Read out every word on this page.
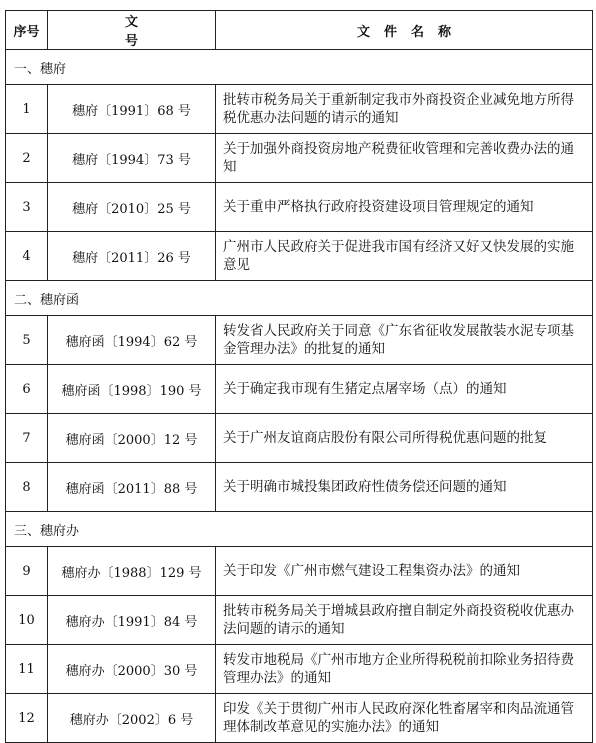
序号	文号	文件名称
一、穗府		
1	穗府〔1991〕68 号	批转市税务局关于重新制定我市外商投资企业减免地方所得税优惠办法问题的请示的通知
2	穗府〔1994〕73 号	关于加强外商投资房地产税费征收管理和完善收费办法的通知
3	穗府〔2010〕25 号	关于重申严格执行政府投资建设项目管理规定的通知
4	穗府〔2011〕26 号	广州市人民政府关于促进我市国有经济又好又快发展的实施意见
二、穗府函		
5	穗府函〔1994〕62 号	转发省人民政府关于同意《广东省征收发展散装水泥专项基金管理办法》的批复的通知
6	穗府函〔1998〕190 号	关于确定我市现有生猪定点屠宰场（点）的通知
7	穗府函〔2000〕12 号	关于广州友谊商店股份有限公司所得税优惠问题的批复
8	穗府函〔2011〕88 号	关于明确市城投集团政府性债务偿还问题的通知
三、穗府办		
9	穗府办〔1988〕129 号	关于印发《广州市燃气建设工程集资办法》的通知
10	穗府办〔1991〕84 号	批转市税务局关于增城县政府擅自制定外商投资税收优惠办法问题的请示的通知
11	穗府办〔2000〕30 号	转发市地税局《广州市地方企业所得税税前扣除业务招待费管理办法》的通知
12	穗府办〔2002〕6 号	印发《关于贯彻广州市人民政府深化牲畜屠宰和肉品流通管理体制改革意见的实施办法》的通知
